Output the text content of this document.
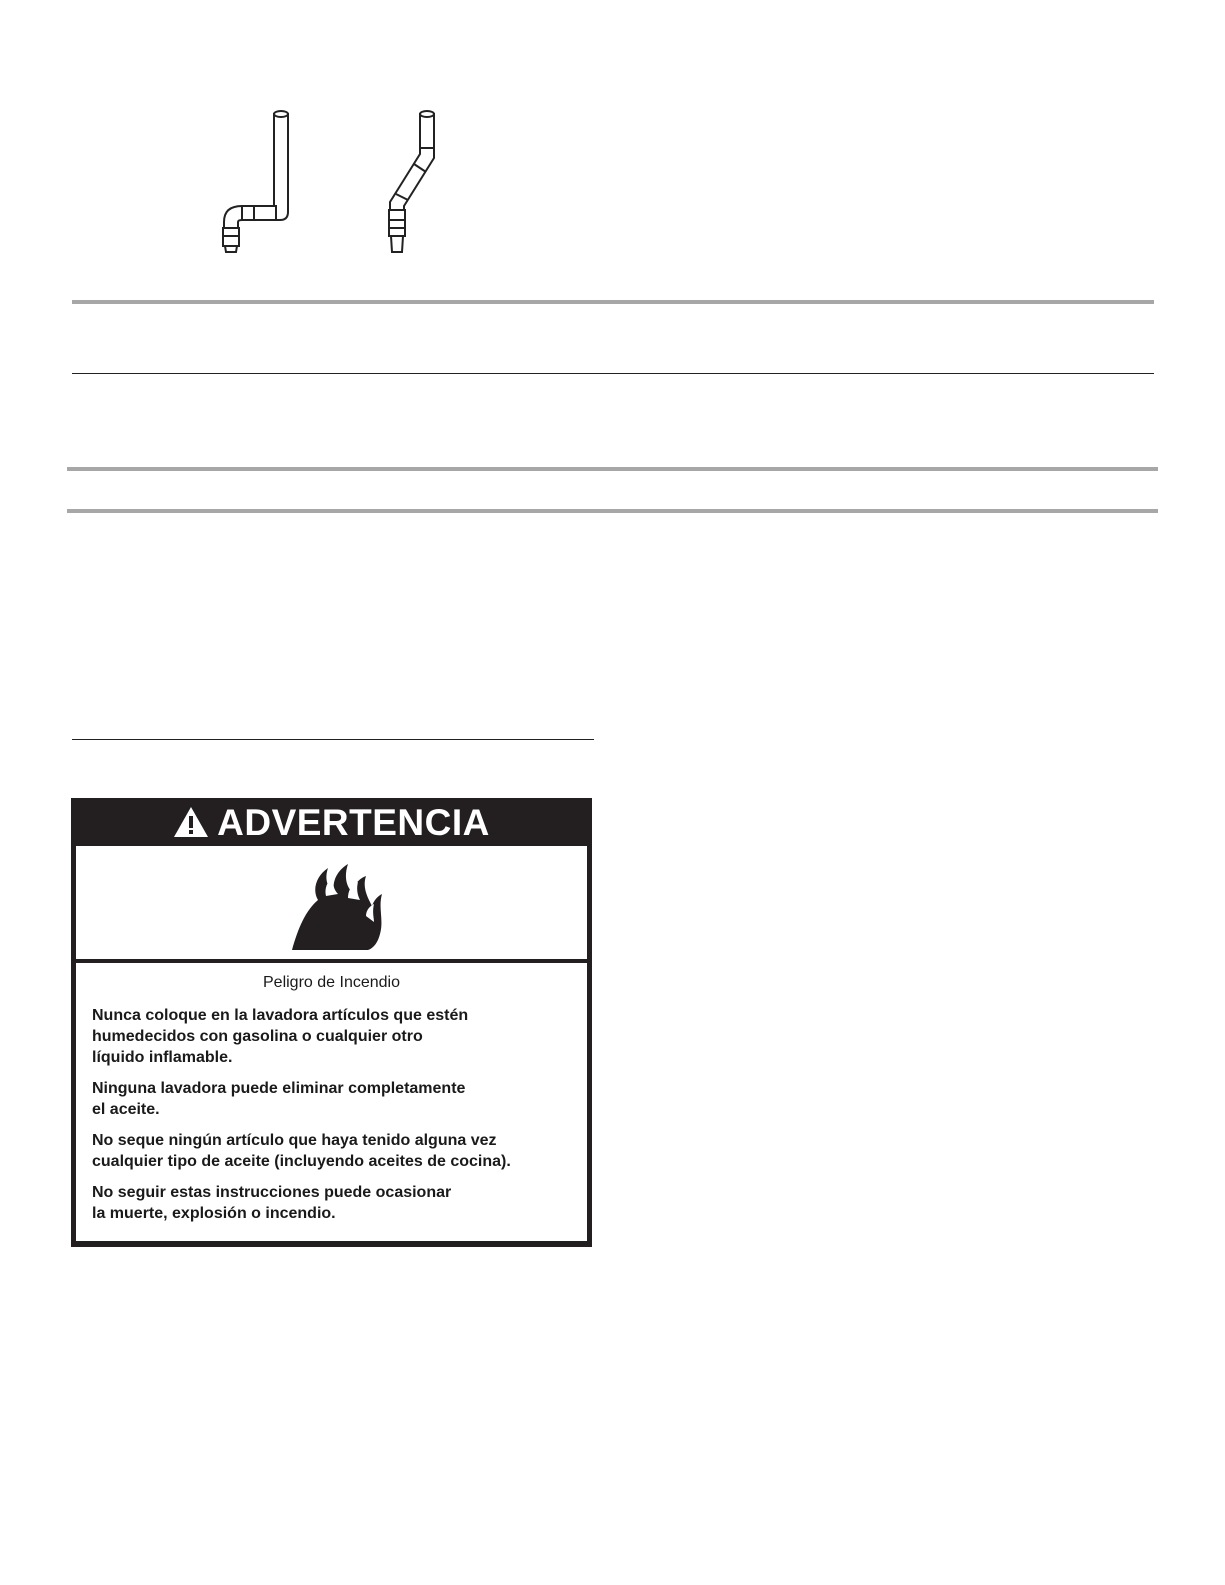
ADVERTENCIA

Peligro de Incendio

Nunca coloque en la lavadora artículos que estén
humedecidos con gasolina o cualquier otro
líquido inflamable.

Ninguna lavadora puede eliminar completamente
el aceite.

No seque ningún artículo que haya tenido alguna vez
cualquier tipo de aceite (incluyendo aceites de cocina).

No seguir estas instrucciones puede ocasionar
la muerte, explosión o incendio.
